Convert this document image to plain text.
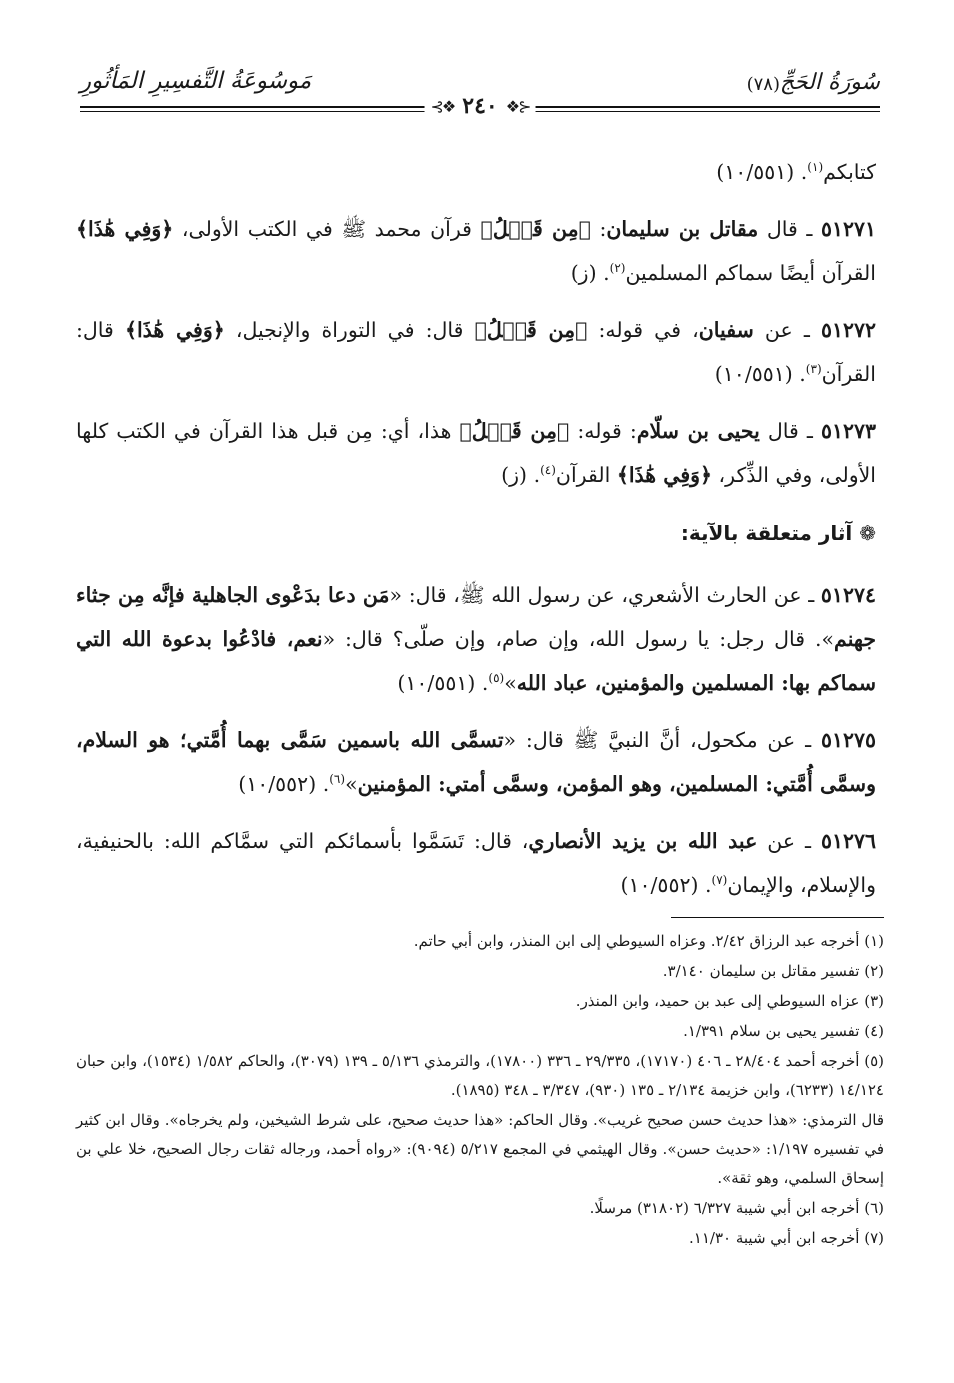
سُورَةُ الحَجِّ
(٧٨)
مَوسُوعَةُ التَّفسِيرِ المَأثُورِ
⊰❖
٢٤٠
❖⊱

كتابكم$^{(١)}$. (١٠/٥٥١)

٥١٢٧١ ـ قال مقاتل بن سليمان: ﴿مِن قَبۡلُ﴾ قرآن محمد ﷺ في الكتب الأولى، ﴿وَفِي هَٰذَا﴾ القرآن أيضًا سماكم المسلمين$^{(٢)}$. (ز)

٥١٢٧٢ ـ عن سفيان، في قوله: ﴿مِن قَبۡلُ﴾ قال: في التوراة والإنجيل، ﴿وَفِي هَٰذَا﴾ قال: القرآن$^{(٣)}$. (١٠/٥٥١)

٥١٢٧٣ ـ قال يحيى بن سلّام: قوله: ﴿مِن قَبۡلُ﴾ هذا، أي: مِن قبل هذا القرآن في الكتب كلها الأولى، وفي الذِّكر، ﴿وَفِي هَٰذَا﴾ القرآن$^{(٤)}$. (ز)

❁ آثار متعلقة بالآية:

٥١٢٧٤ ـ عن الحارث الأشعري، عن رسول الله ﷺ، قال: «مَن دعا بدَعْوى الجاهلية فإنَّه مِن جثاء جهنم». قال رجل: يا رسول الله، وإن صام، وإن صلّى؟ قال: «نعم، فادْعُوا بدعوة الله التي سماكم بها: المسلمين والمؤمنين، عباد الله»$^{(٥)}$. (١٠/٥٥١)

٥١٢٧٥ ـ عن مكحول، أنَّ النبيَّ ﷺ قال: «تسمَّى الله باسمين سَمَّى بهما أُمَّتي؛ هو السلام، وسمَّى أُمَّتي: المسلمين، وهو المؤمن، وسمَّى أمتي: المؤمنين»$^{(٦)}$. (١٠/٥٥٢)

٥١٢٧٦ ـ عن عبد الله بن يزيد الأنصاري، قال: تَسَمَّوا بأسمائكم التي سمَّاكم الله: بالحنيفية، والإسلام، والإيمان$^{(٧)}$. (١٠/٥٥٢)

(١) أخرجه عبد الرزاق ٢/٤٢. وعزاه السيوطي إلى ابن المنذر، وابن أبي حاتم.

(٢) تفسير مقاتل بن سليمان ٣/١٤٠.

(٣) عزاه السيوطي إلى عبد بن حميد، وابن المنذر.

(٤) تفسير يحيى بن سلام ١/٣٩١.

(٥) أخرجه أحمد ٢٨/٤٠٤ ـ ٤٠٦ (١٧١٧٠)، ٢٩/٣٣٥ ـ ٣٣٦ (١٧٨٠٠)، والترمذي ٥/١٣٦ ـ ١٣٩ (٣٠٧٩)، والحاكم ١/٥٨٢ (١٥٣٤)، وابن حبان ١٤/١٢٤ (٦٢٣٣)، وابن خزيمة ٢/١٣٤ ـ ١٣٥ (٩٣٠)، ٣/٣٤٧ ـ ٣٤٨ (١٨٩٥).

قال الترمذي: «هذا حديث حسن صحيح غريب». وقال الحاكم: «هذا حديث صحيح، على شرط الشيخين، ولم يخرجاه». وقال ابن كثير في تفسيره ١/١٩٧: «حديث حسن». وقال الهيثمي في المجمع ٥/٢١٧ (٩٠٩٤): «رواه أحمد، ورجاله ثقات رجال الصحيح، خلا علي بن إسحاق السلمي، وهو ثقة».

(٦) أخرجه ابن أبي شيبة ٦/٣٢٧ (٣١٨٠٢) مرسلًا.

(٧) أخرجه ابن أبي شيبة ١١/٣٠.
